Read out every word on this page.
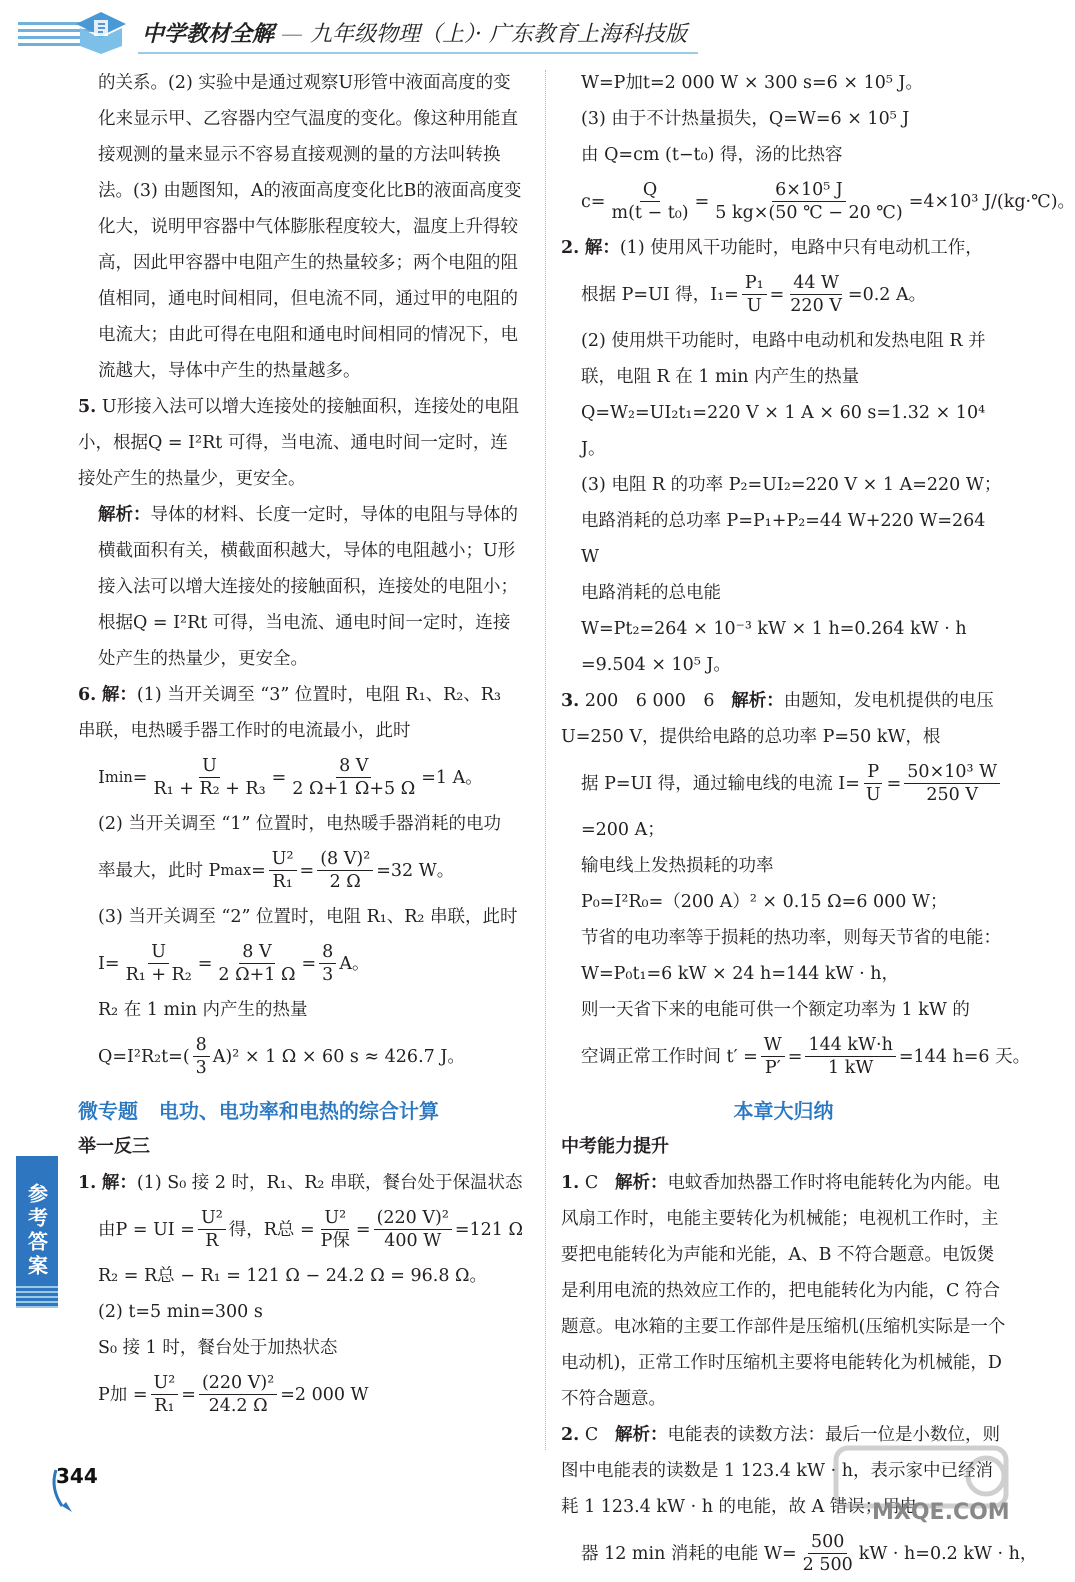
中学教材全解 — 九年级物理（上）· 广东教育上海科技版

的关系。(2) 实验中是通过观察U形管中液面高度的变化来显示甲、乙容器内空气温度的变化。像这种用能直接观测的量来显示不容易直接观测的量的方法叫转换法。(3) 由题图知，A的液面高度变化比B的液面高度变化大，说明甲容器中气体膨胀程度较大，温度上升得较高，因此甲容器中电阻产生的热量较多；两个电阻的阻值相同，通电时间相同，但电流不同，通过甲的电阻的电流大；由此可得在电阻和通电时间相同的情况下，电流越大，导体中产生的热量越多。

5. U形接入法可以增大连接处的接触面积，连接处的电阻小，根据Q = I²Rt 可得，当电流、通电时间一定时，连接处产生的热量少，更安全。

解析：导体的材料、长度一定时，导体的电阻与导体的横截面积有关，横截面积越大，导体的电阻越小；U形接入法可以增大连接处的接触面积，连接处的电阻小；根据Q = I²Rt 可得，当电流、通电时间一定时，连接处产生的热量少，更安全。

6. 解：(1) 当开关调至 “3” 位置时，电阻 R₁、R₂、R₃ 串联，电热暖手器工作时的电流最小，此时

I $\min = \frac{U}{\text{R₁ + R₂ + R₃}} = \frac{8 V}{2 \Omega+1 \Omega+5 \Omega} =1$ A。

(2) 当开关调至 “1” 位置时，电热暖手器消耗的电功

率最大，此时 P $\max = \frac{\text{U²}}{\text{R₁}} = \frac{\text{(8 V)²}}{2 \Omega} =32$ W。

(3) 当开关调至 “2” 位置时，电阻 R₁、R₂ 串联，此时

$I= \frac{U}{\text{R₁ + R₂}} = \frac{8 V}{2 \Omega+1 \Omega} = \frac{8}{3}$ A。

R₂ 在 1 min 内产生的热量

Q=I²R₂t= ( $\frac{8}{3} A)^2 \times 1$ Ω × 60 s ≈ 426.7 J。

微专题 电功、电功率和电热的综合计算

举一反三

1. 解：(1) S₀ 接 2 时，R₁、R₂ 串联，餐台处于保温状态

由P = UI = $\frac{\text{U²}}{R}$ 得，R总 = $\frac{\text{U²}}{\text{P保}} = \frac{\text{(220 V)²}}{400 W} =121$ Ω

R₂ = R总 − R₁ = 121 Ω − 24.2 Ω = 96.8 Ω。

(2) t=5 min=300 s

S₀ 接 1 时，餐台处于加热状态

P加 = $\frac{\text{U²}}{\text{R₁}} = \frac{\text{(220 V)²}}{24.2 \Omega} =2$ 000 W

W=P加t=2 000 W × 300 s=6 × 10⁵ J。

(3) 由于不计热量损失，Q=W=6 × 10⁵ J

由 Q=cm (t−t₀) 得，汤的比热容

$c= \frac{Q}{\text{m(t − t₀)}} = \frac{\text{6×10⁵ J}}{5 kg\times(50 ℃ - 20 ℃)} =4\times 10^3$ J/(kg·℃)。

2. 解：(1) 使用风干功能时，电路中只有电动机工作，

根据 P=UI 得，$I_1= \frac{\text{P₁}}{U} = \frac{44 W}{220 V} =0.2$ A。

(2) 使用烘干功能时，电路中电动机和发热电阻 R 并联，电阻 R 在 1 min 内产生的热量

Q=W₂=UI₂t₁=220 V × 1 A × 60 s=1.32 × 10⁴ J。

(3) 电阻 R 的功率 P₂=UI₂=220 V × 1 A=220 W；

电路消耗的总功率 P=P₁+P₂=44 W+220 W=264 W

电路消耗的总电能

W=Pt₂=264 × 10⁻³ kW × 1 h=0.264 kW · h =9.504 × 10⁵ J。

3. 200　6 000　6 解析：由题知，发电机提供的电压 U=250 V，提供给电路的总功率 P=50 kW，根

据 P=UI 得，通过输电线的电流 $I= \frac{P}{U} = \frac{\text{50×10³ W}}{250 V}$

=200 A；

输电线上发热损耗的功率

P₀=I²R₀=（200 A）² × 0.15 Ω=6 000 W；

节省的电功率等于损耗的热功率，则每天节省的电能：W=P₀t₁=6 kW × 24 h=144 kW · h，

则一天省下来的电能可供一个额定功率为 1 kW 的

空调正常工作时间 $t' = \frac{W}{P'} = \frac{144 kW\cdot h}{1 kW} =144$ h=6 天。

本章大归纳

中考能力提升

1. C 解析：电蚊香加热器工作时将电能转化为内能。电风扇工作时，电能主要转化为机械能；电视机工作时，主要把电能转化为声能和光能，A、B 不符合题意。电饭煲是利用电流的热效应工作的，把电能转化为内能，C 符合题意。电冰箱的主要工作部件是压缩机(压缩机实际是一个电动机)，正常工作时压缩机主要将电能转化为机械能，D 不符合题意。

2. C 解析：电能表的读数方法：最后一位是小数位，则图中电能表的读数是 1 123.4 kW · h，表示家中已经消耗 1 123.4 kW · h 的电能，故 A 错误；用电

器 12 min 消耗的电能 $W= \frac{500}{2 500}$ kW · h=0.2 kW · h，
参考答案
344
MXQE.COM
